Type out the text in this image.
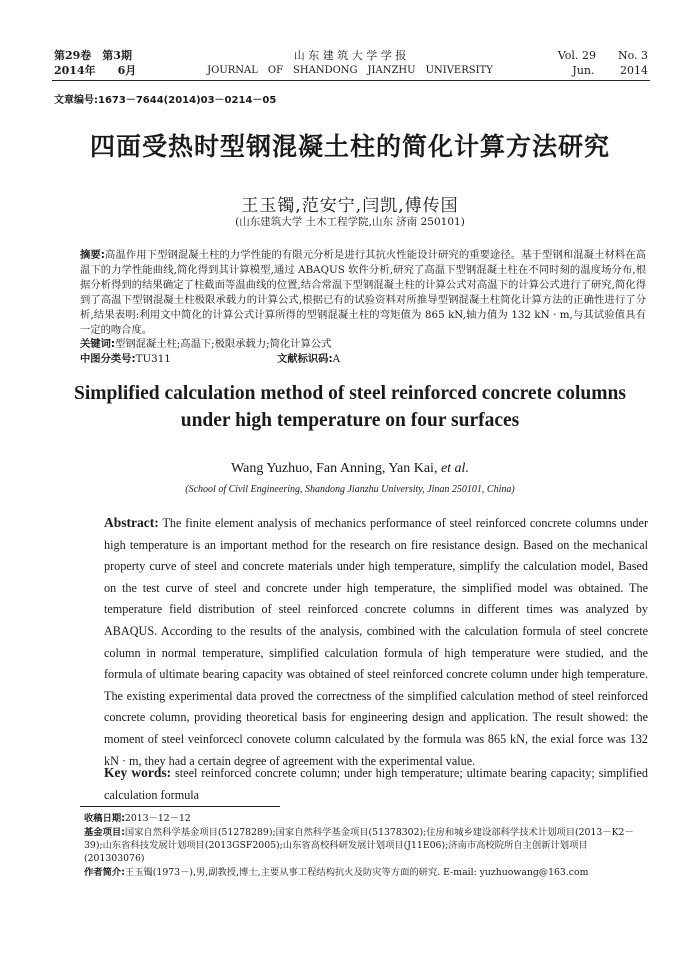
第29卷　第3期
2014年　　6月
山 东 建 筑 大 学 学 报
JOURNAL　OF　SHANDONG　JIANZHU　UNIVERSITY
Vol. 29　　No. 3
Jun.　　 2014
文章编号:1673－7644(2014)03－0214－05
四面受热时型钢混凝土柱的简化计算方法研究
王玉镯,范安宁,闫凯,傅传国
(山东建筑大学 土木工程学院,山东 济南 250101)
摘要:高温作用下型钢混凝土柱的力学性能的有限元分析是进行其抗火性能设计研究的重要途径。基于型钢和混凝土材料在高温下的力学性能曲线,简化得到其计算模型,通过 ABAQUS 软件分析,研究了高温下型钢混凝土柱在不同时刻的温度场分布,根据分析得到的结果确定了柱截面等温曲线的位置,结合常温下型钢混凝土柱的计算公式对高温下的计算公式进行了研究,简化得到了高温下型钢混凝土柱极限承载力的计算公式,根据已有的试验资料对所推导型钢混凝土柱简化计算方法的正确性进行了分析,结果表明:利用文中简化的计算公式计算所得的型钢混凝土柱的弯矩值为 865 kN,轴力值为 132 kN · m,与其试验值具有一定的吻合度。
关键词:型钢混凝土柱;高温下;极限承载力;简化计算公式
中图分类号:TU311	文献标识码:A
Simplified calculation method of steel reinforced concrete columns
under high temperature on four surfaces
Wang Yuzhuo, Fan Anning, Yan Kai, et al.
(School of Civil Engineering, Shandong Jianzhu University, Jinan 250101, China)
Abstract: The finite element analysis of mechanics performance of steel reinforced concrete columns under high temperature is an important method for the research on fire resistance design. Based on the mechanical property curve of steel and concrete materials under high temperature, simplify the calculation model, Based on the test curve of steel and concrete under high temperature, the simplified model was obtained. The temperature field distribution of steel reinforced concrete columns in different times was analyzed by ABAQUS. According to the results of the analysis, combined with the calculation formula of steel concrete column in normal temperature, simplified calculation formula of high temperature were studied, and the formula of ultimate bearing capacity was obtained of steel reinforced concrete column under high temperature. The existing experimental data proved the correctness of the simplified calculation method of steel reinforced concrete column, providing theoretical basis for engineering design and application. The result showed: the moment of steel veinforcecl conovete column calculated by the formula was 865 kN, the exial force was 132 kN · m, they had a certain degree of agreement with the experimental value.
Key words: steel reinforced concrete column; under high temperature; ultimate bearing capacity; simplified calculation formula
收稿日期:2013－12－12
基金项目:国家自然科学基金项目(51278289);国家自然科学基金项目(51378302);住房和城乡建设部科学技术计划项目(2013－K2－39);山东省科技发展计划项目(2013GSF2005);山东省高校科研发展计划项目(J11E06);济南市高校院所自主创新计划项目(201303076)
作者简介:王玉镯(1973－),男,副教授,博士,主要从事工程结构抗火及防灾等方面的研究. E-mail: yuzhuowang@163.com
